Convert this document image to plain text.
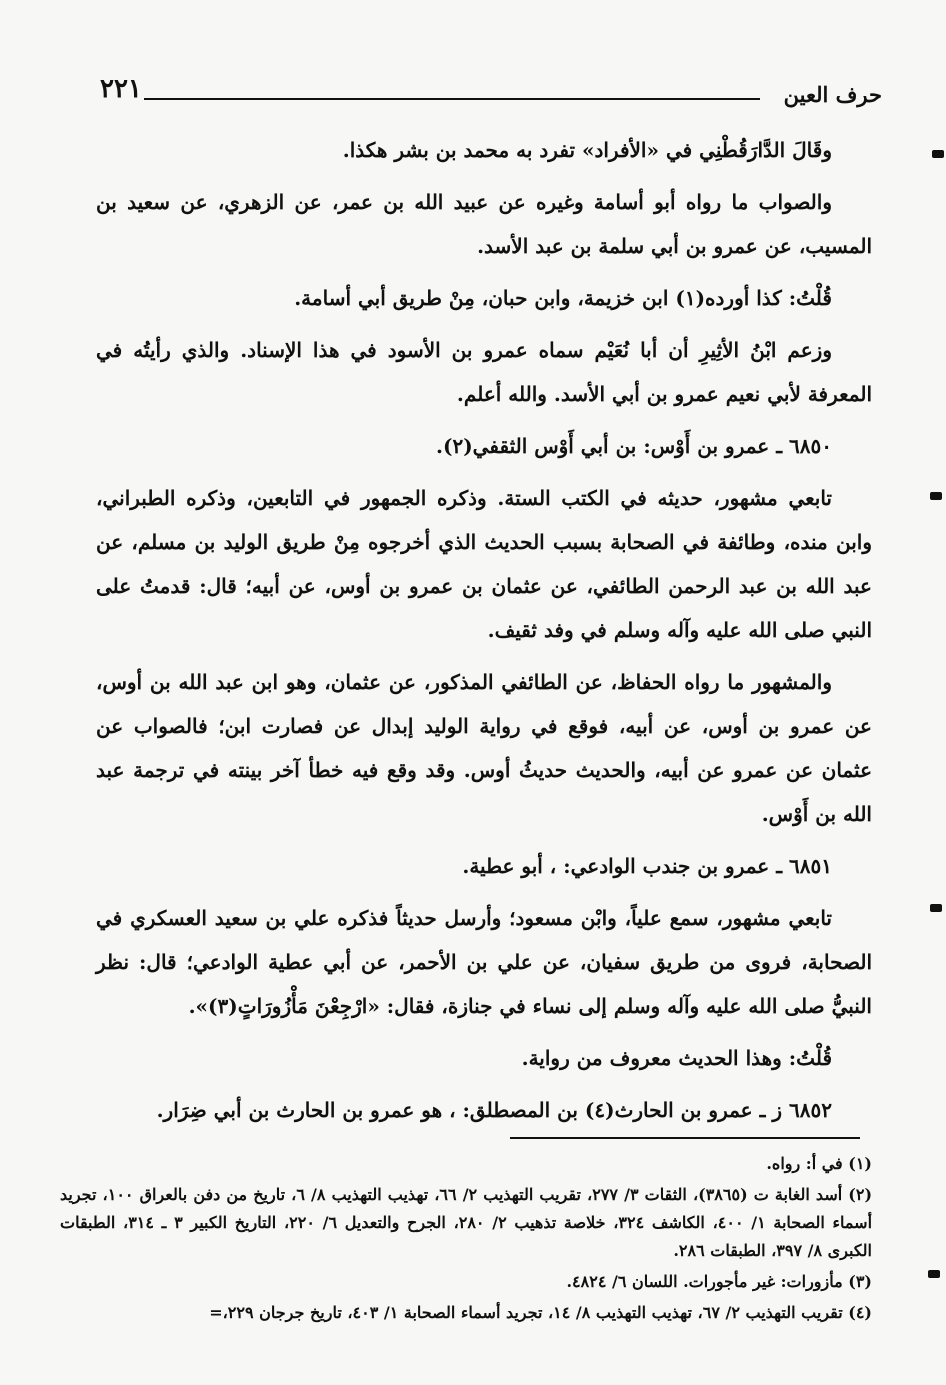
حرف العين
٢٢١

وقَالَ الدَّارَقُطْنِي في «الأفراد» تفرد به محمد بن بشر هكذا.

والصواب ما رواه أبو أسامة وغيره عن عبيد الله بن عمر، عن الزهري، عن سعيد بن المسيب، عن عمرو بن أبي سلمة بن عبد الأسد.

قُلْتُ: كذا أورده(١) ابن خزيمة، وابن حبان، مِنْ طريق أبي أسامة.

وزعم ابْنُ الأثِيرِ أن أبا نُعَيْم سماه عمرو بن الأسود في هذا الإسناد. والذي رأيتُه في المعرفة لأبي نعيم عمرو بن أبي الأسد. والله أعلم.

٦٨٥٠ ـ عمرو بن أَوْس: بن أبي أَوْس الثقفي(٢).

تابعي مشهور، حديثه في الكتب الستة. وذكره الجمهور في التابعين، وذكره الطبراني، وابن منده، وطائفة في الصحابة بسبب الحديث الذي أخرجوه مِنْ طريق الوليد بن مسلم، عن عبد الله بن عبد الرحمن الطائفي، عن عثمان بن عمرو بن أوس، عن أبيه؛ قال: قدمتُ على النبي صلى الله عليه وآله وسلم في وفد ثقيف.

والمشهور ما رواه الحفاظ، عن الطائفي المذكور، عن عثمان، وهو ابن عبد الله بن أوس، عن عمرو بن أوس، عن أبيه، فوقع في رواية الوليد إبدال عن فصارت ابن؛ فالصواب عن عثمان عن عمرو عن أبيه، والحديث حديثُ أوس. وقد وقع فيه خطأ آخر بينته في ترجمة عبد الله بن أَوْس.

٦٨٥١ ـ عمرو بن جندب الوادعي: ، أبو عطية.

تابعي مشهور، سمع علياً، وابْن مسعود؛ وأرسل حديثاً فذكره علي بن سعيد العسكري في الصحابة، فروى من طريق سفيان، عن علي بن الأحمر، عن أبي عطية الوادعي؛ قال: نظر النبيُّ صلى الله عليه وآله وسلم إلى نساء في جنازة، فقال: «ارْجِعْنَ مَأْزُورَاتٍ(٣)».

قُلْتُ: وهذا الحديث معروف من رواية.

٦٨٥٢ ز ـ عمرو بن الحارث(٤) بن المصطلق: ، هو عمرو بن الحارث بن أبي ضِرَار.

(١) في أ: رواه.

(٢) أسد الغابة ت (٣٨٦٥)، الثقات ٣/ ٢٧٧، تقريب التهذيب ٢/ ٦٦، تهذيب التهذيب ٨/ ٦، تاريخ من دفن بالعراق ١٠٠، تجريد أسماء الصحابة ١/ ٤٠٠، الكاشف ٣٢٤، خلاصة تذهيب ٢/ ٢٨٠، الجرح والتعديل ٦/ ٢٢٠، التاريخ الكبير ٣ ـ ٣١٤، الطبقات الكبرى ٨/ ٣٩٧، الطبقات ٢٨٦.

(٣) مأزورات: غير مأجورات. اللسان ٦/ ٤٨٢٤.

(٤) تقريب التهذيب ٢/ ٦٧، تهذيب التهذيب ٨/ ١٤، تجريد أسماء الصحابة ١/ ٤٠٣، تاريخ جرجان ٢٢٩،=
